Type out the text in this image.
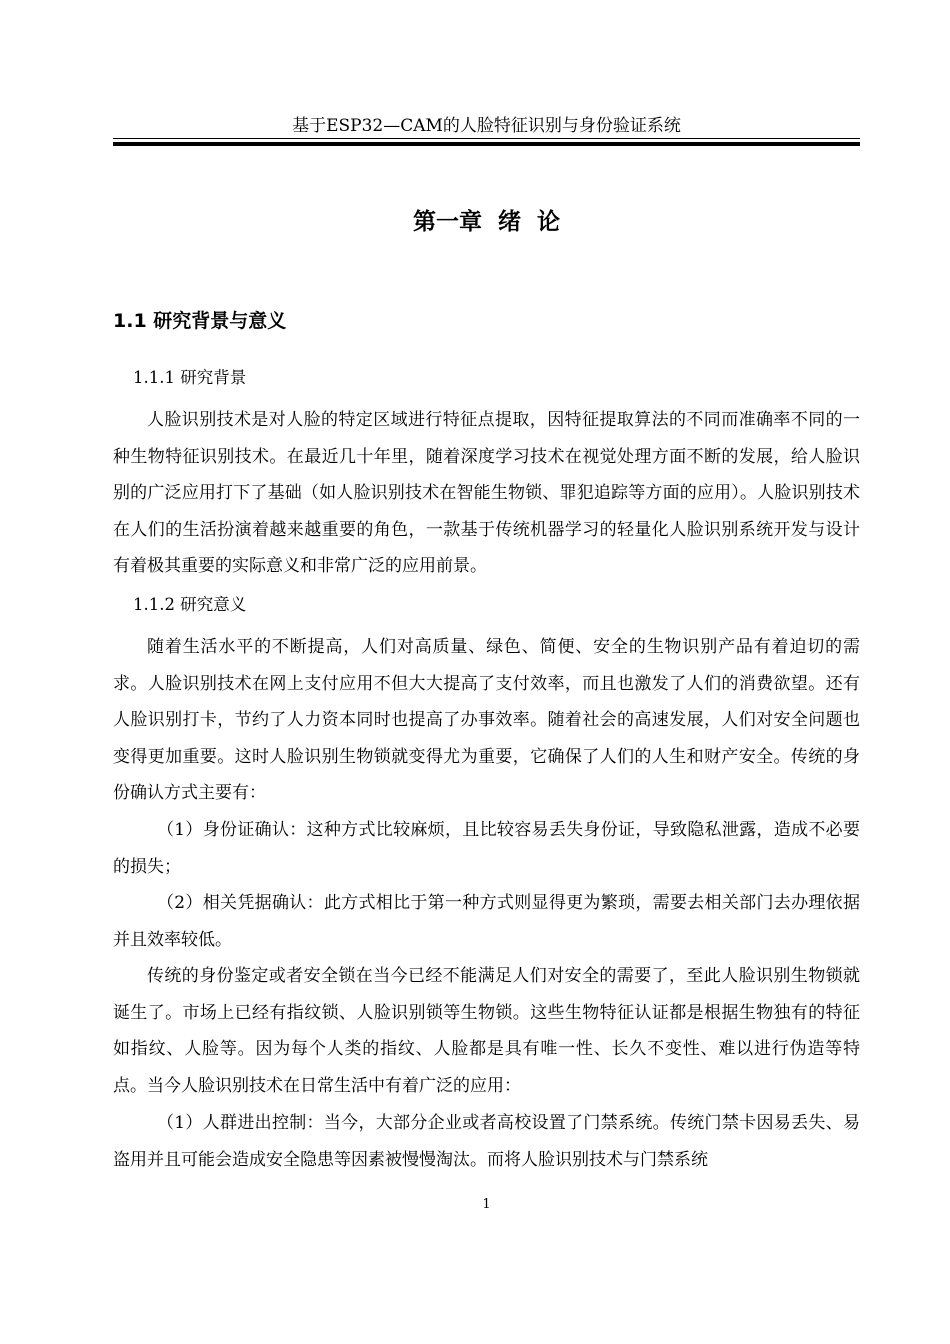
基于ESP32—CAM的人脸特征识别与身份验证系统
第一章  绪  论
1.1 研究背景与意义
1.1.1 研究背景
人脸识别技术是对人脸的特定区域进行特征点提取，因特征提取算法的不同而准确率不同的一种生物特征识别技术。在最近几十年里，随着深度学习技术在视觉处理方面不断的发展，给人脸识别的广泛应用打下了基础（如人脸识别技术在智能生物锁、罪犯追踪等方面的应用）。人脸识别技术在人们的生活扮演着越来越重要的角色，一款基于传统机器学习的轻量化人脸识别系统开发与设计有着极其重要的实际意义和非常广泛的应用前景。
1.1.2 研究意义
随着生活水平的不断提高，人们对高质量、绿色、简便、安全的生物识别产品有着迫切的需求。人脸识别技术在网上支付应用不但大大提高了支付效率，而且也激发了人们的消费欲望。还有人脸识别打卡，节约了人力资本同时也提高了办事效率。随着社会的高速发展，人们对安全问题也变得更加重要。这时人脸识别生物锁就变得尤为重要，它确保了人们的人生和财产安全。传统的身份确认方式主要有：
（1）身份证确认：这种方式比较麻烦，且比较容易丢失身份证，导致隐私泄露，造成不必要的损失；
（2）相关凭据确认：此方式相比于第一种方式则显得更为繁琐，需要去相关部门去办理依据并且效率较低。
传统的身份鉴定或者安全锁在当今已经不能满足人们对安全的需要了，至此人脸识别生物锁就诞生了。市场上已经有指纹锁、人脸识别锁等生物锁。这些生物特征认证都是根据生物独有的特征如指纹、人脸等。因为每个人类的指纹、人脸都是具有唯一性、长久不变性、难以进行伪造等特点。当今人脸识别技术在日常生活中有着广泛的应用：
（1）人群进出控制：当今，大部分企业或者高校设置了门禁系统。传统门禁卡因易丢失、易盗用并且可能会造成安全隐患等因素被慢慢淘汰。而将人脸识别技术与门禁系统
1
